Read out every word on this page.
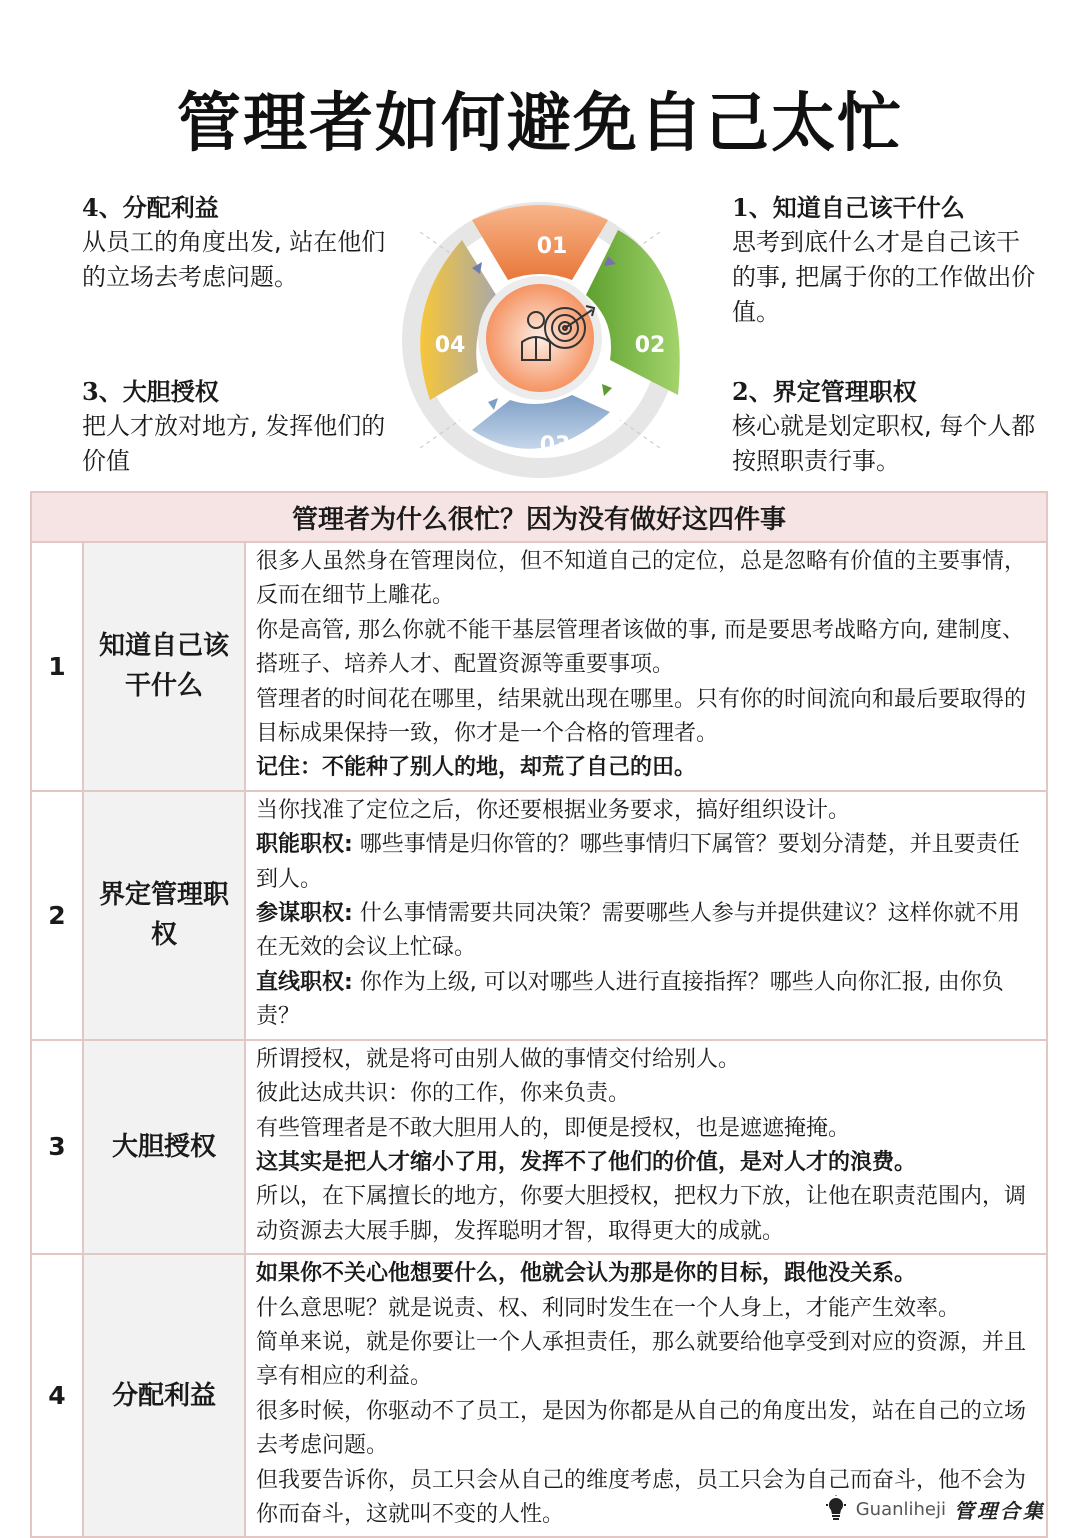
管理者如何避免自己太忙
4、分配利益
从员工的角度出发, 站在他们的立场去考虑问题。
3、大胆授权
把人才放对地方, 发挥他们的价值
1、知道自己该干什么
思考到底什么才是自己该干的事, 把属于你的工作做出价值。
2、界定管理职权
核心就是划定职权, 每个人都按照职责行事。
01
02
03
04
管理者为什么很忙？因为没有做好这四件事		
1	知道自己该干什么	很多人虽然身在管理岗位，但不知道自己的定位，总是忽略有价值的主要事情，反而在细节上雕花。

你是高管, 那么你就不能干基层管理者该做的事, 而是要思考战略方向, 建制度、搭班子、培养人才、配置资源等重要事项。

管理者的时间花在哪里，结果就出现在哪里。只有你的时间流向和最后要取得的目标成果保持一致，你才是一个合格的管理者。

记住：不能种了别人的地，却荒了自己的田。

2	界定管理职权	当你找准了定位之后，你还要根据业务要求，搞好组织设计。

职能职权: 哪些事情是归你管的？哪些事情归下属管？要划分清楚，并且要责任到人。

参谋职权: 什么事情需要共同决策？需要哪些人参与并提供建议？这样你就不用在无效的会议上忙碌。

直线职权: 你作为上级, 可以对哪些人进行直接指挥？哪些人向你汇报, 由你负责？

3	大胆授权	所谓授权，就是将可由别人做的事情交付给别人。

彼此达成共识：你的工作，你来负责。

有些管理者是不敢大胆用人的，即便是授权，也是遮遮掩掩。

这其实是把人才缩小了用，发挥不了他们的价值，是对人才的浪费。

所以，在下属擅长的地方，你要大胆授权，把权力下放，让他在职责范围内，调动资源去大展手脚，发挥聪明才智，取得更大的成就。

4	分配利益	如果你不关心他想要什么，他就会认为那是你的目标，跟他没关系。

什么意思呢？就是说责、权、利同时发生在一个人身上，才能产生效率。

简单来说，就是你要让一个人承担责任，那么就要给他享受到对应的资源，并且享有相应的利益。

很多时候，你驱动不了员工，是因为你都是从自己的角度出发，站在自己的立场去考虑问题。

但我要告诉你，员工只会从自己的维度考虑，员工只会为自己而奋斗，他不会为你而奋斗，这就叫不变的人性。	Guanliheji 管理合集
